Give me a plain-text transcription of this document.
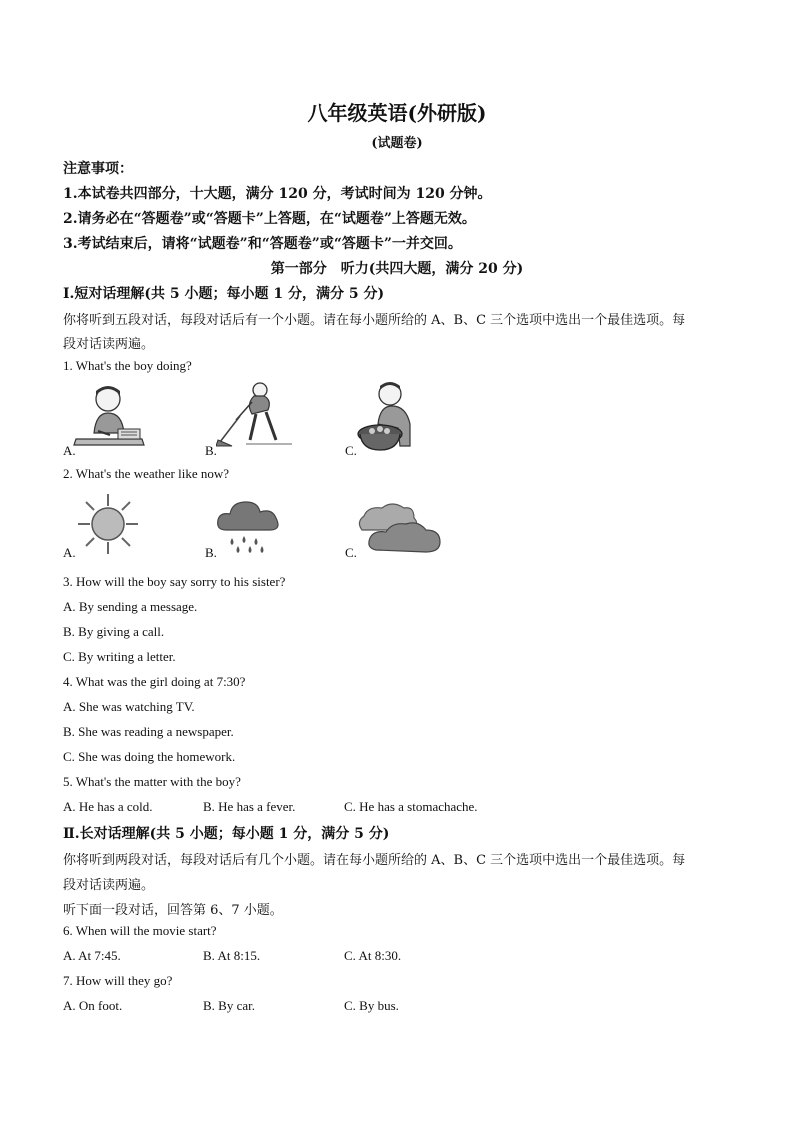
八年级英语(外研版)
(试题卷)
注意事项：
1.本试卷共四部分，十大题，满分 120 分，考试时间为 120 分钟。
2.请务必在“答题卷”或“答题卡”上答题，在“试题卷”上答题无效。
3.考试结束后，请将“试题卷”和“答题卷”或“答题卡”一并交回。
第一部分　听力(共四大题，满分 20 分)
Ⅰ.短对话理解(共 5 小题；每小题 1 分，满分 5 分)
你将听到五段对话，每段对话后有一个小题。请在每小题所给的 A、B、C 三个选项中选出一个最佳选项。每
段对话读两遍。
1. What's the boy doing?
A.	B.	C.
2. What's the weather like now?
A.	B.	C.
3. How will the boy say sorry to his sister?
A. By sending a message.
B. By giving a call.
C. By writing a letter.
4. What was the girl doing at 7:30?
A. She was watching TV.
B. She was reading a newspaper.
C. She was doing the homework.
5. What's the matter with the boy?
A. He has a cold.	B. He has a fever.	C. He has a stomachache.
Ⅱ.长对话理解(共 5 小题；每小题 1 分，满分 5 分)
你将听到两段对话，每段对话后有几个小题。请在每小题所给的 A、B、C 三个选项中选出一个最佳选项。每
段对话读两遍。
听下面一段对话，回答第 6、7 小题。
6. When will the movie start?
A. At 7:45.	B. At 8:15.	C. At 8:30.
7. How will they go?
A. On foot.	B. By car.	C. By bus.
